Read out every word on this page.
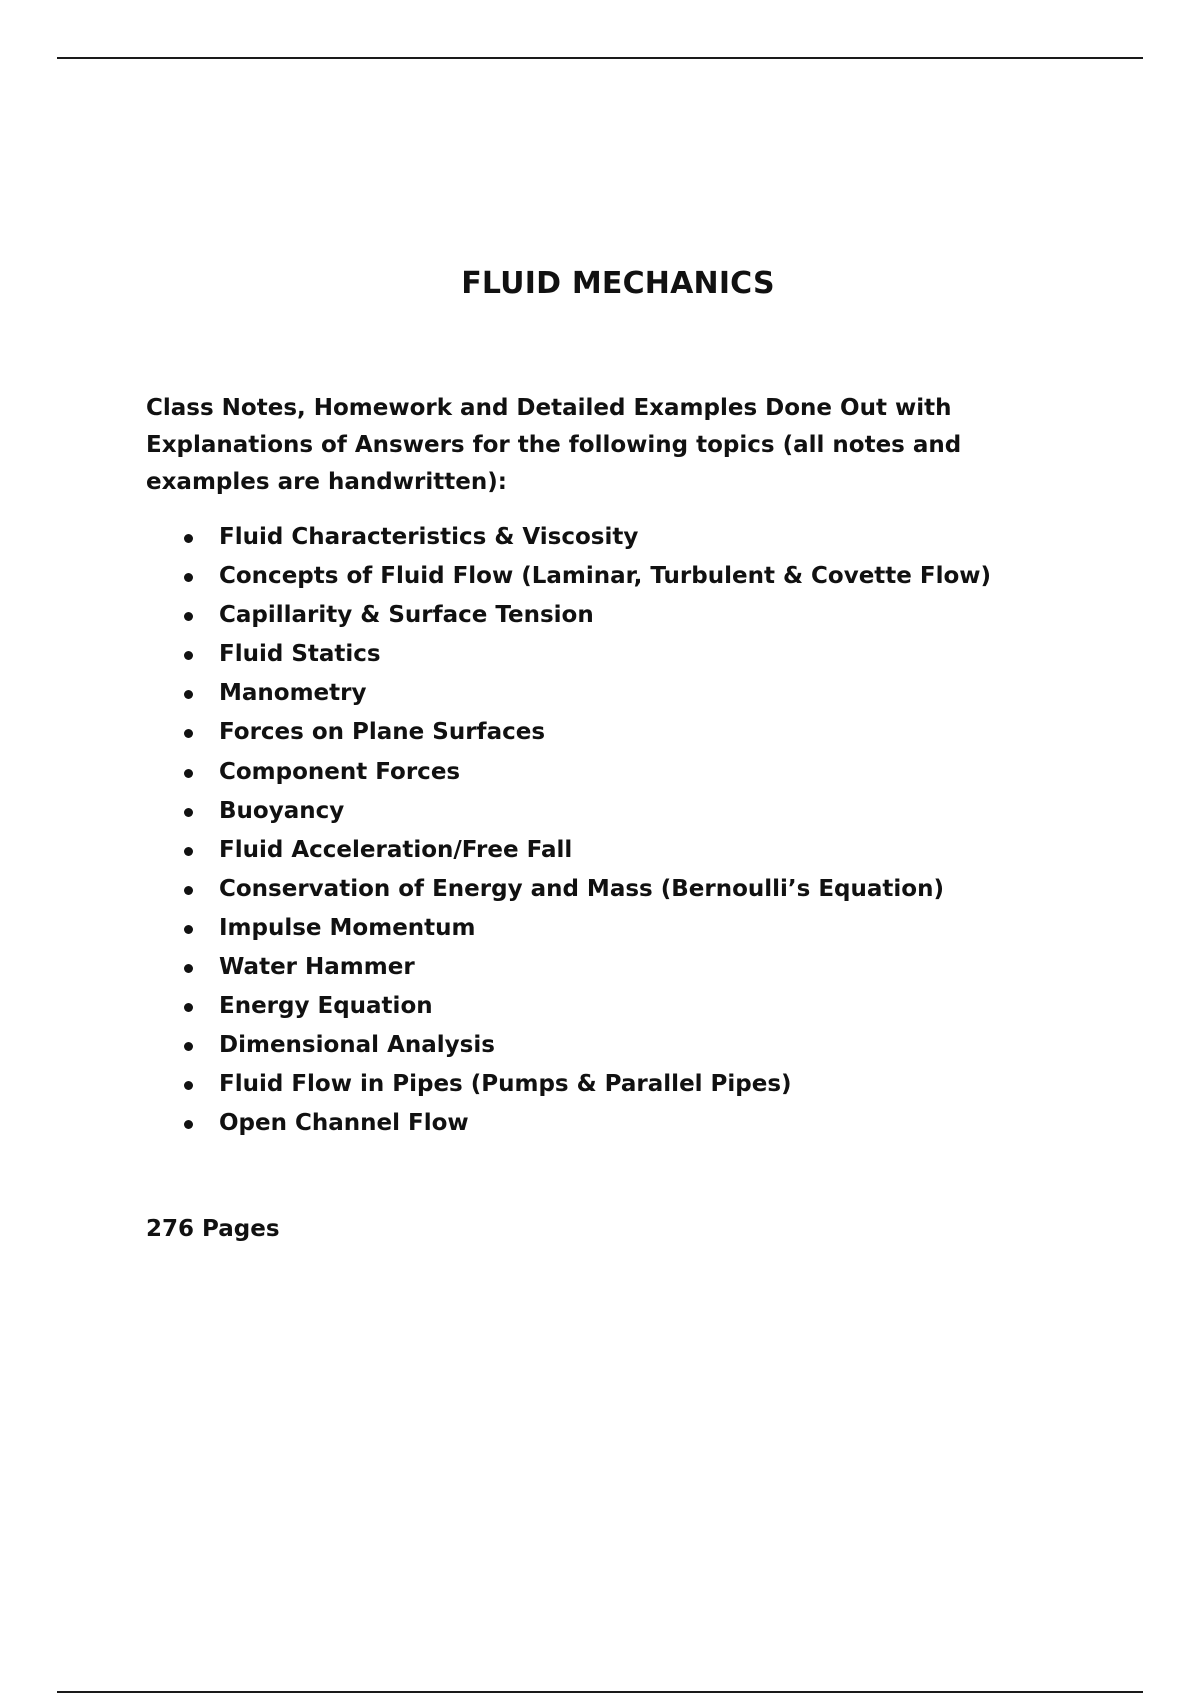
FLUID MECHANICS

Class Notes, Homework and Detailed Examples Done Out with Explanations of Answers for the following topics (all notes and examples are handwritten):

Fluid Characteristics & Viscosity
Concepts of Fluid Flow (Laminar, Turbulent & Covette Flow)
Capillarity & Surface Tension
Fluid Statics
Manometry
Forces on Plane Surfaces
Component Forces
Buoyancy
Fluid Acceleration/Free Fall
Conservation of Energy and Mass (Bernoulli’s Equation)
Impulse Momentum
Water Hammer
Energy Equation
Dimensional Analysis
Fluid Flow in Pipes (Pumps & Parallel Pipes)
Open Channel Flow

276 Pages
